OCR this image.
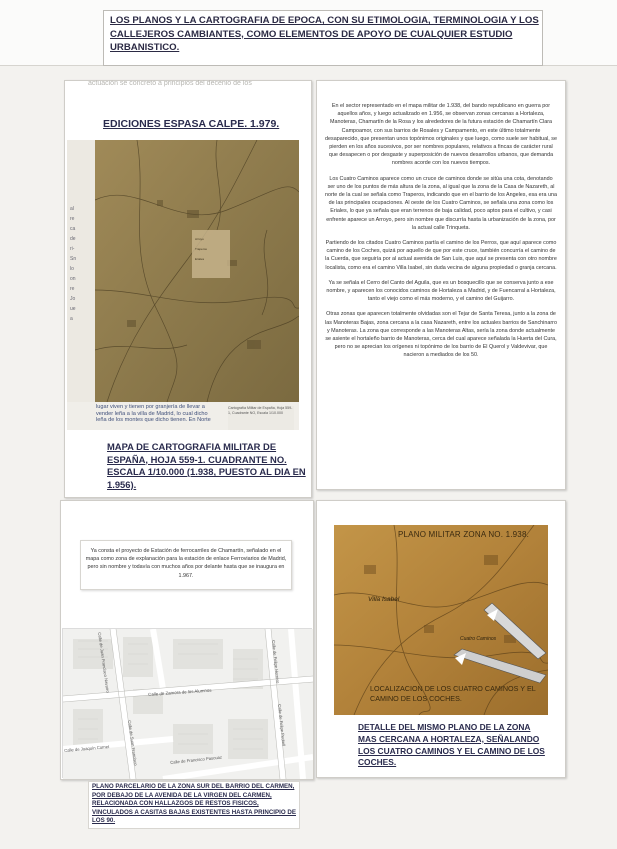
LOS PLANOS Y LA CARTOGRAFIA DE EPOCA, CON SU ETIMOLOGIA, TERMINOLOGIA Y LOS CALLEJEROS CAMBIANTES, COMO ELEMENTOS DE APOYO DE CUALQUIER ESTUDIO URBANISTICO.
actuación se concretó a principios del decenio de los
EDICIONES ESPASA CALPE. 1.979.
Arroyo
Traperos
Eriales
al
re
ca
de
ri-
Sn
lo
on
re
Jo
ue
a
lugar viven y tienen por granjería de llevar a vender leña a la villa de Madrid, lo cual dicho leña de los montes que dicho tienen. En Norte
Cartografía Militar de España, Hoja 559-1, Cuadrante NO, Escala 1/10.000
MAPA DE CARTOGRAFIA MILITAR DE ESPAÑA, HOJA 559-1. CUADRANTE NO. ESCALA 1/10.000 (1.938, PUESTO AL DIA EN 1.956).

En el sector representado en el mapa militar de 1.938, del bando republicano en guerra por aquellos años, y luego actualizado en 1.956, se observan zonas cercanas a Hortaleza, Manoteras, Chamartín de la Rosa y los alrededores de la futura estación de Chamartín Clara Campoamor, con sus barrios de Rosales y Campamento, en este último totalmente desaparecido, que presentan unos topónimos originales y que luego, como suele ser habitual, se pierden en los años sucesivos, por ser nombres populares, relativos a fincas de carácter rural que desapecen o por desgaste y superposición de nuevos desarrollos urbanos, que demanda nombres acorde con los nuevos tiempos.

Los Cuatro Caminos aparece como un cruce de caminos donde se sitúa una cota, denotando ser uno de los puntos de más altura de la zona, al igual que la zona de la Casa de Nazareth, al norte de la cual se señala como Traperos, indicando que en el barrio de los Angeles, esa era una de las principales ocupaciones. Al oeste de los Cuatro Caminos, se señala una zona como los Eriales, lo que ya señala que eran terrenos de baja calidad, poco aptos para el cultivo, y casi enfrente aparece un Arroyo, pero sin nombre que discurría hasta la urbanización de la zona, por la actual calle Trinqueta.

Partiendo de los citados Cuatro Caminos partía el camino de los Perros, que aquí aparece como camino de los Coches, quizá por aquello de que por este cruce, también concurría el camino de la Cuerda, que seguiría por al actual avenida de San Luis, que aquí se presenta con otro nombre localista, como era el camino Villa Isabel, sin duda vecina de alguna propiedad o granja cercana.

Ya se señala el Cerro del Canto del Aguila, que es un bosquecillo que se conserva junto a ese nombre, y aparecen los conocidos caminos de Hortaleza a Madrid, y de Fuencarral a Hortaleza, tanto el viejo como el más moderno, y el camino del Guijarro.

Otras zonas que aparecen totalmente olvidadas son el Tejar de Santa Teresa, junto a la zona de las Manoteras Bajas, zona cercana a la casa Nazareth, entre los actuales barrios de Sanchinarro y Manoteras. La zona que corresponde a las Manoteras Altas, sería la zona donde actualmente se asiente el hortaleño barrio de Manoteras, cerca del cual aparece señalada la Huerta del Cura, pero no se aprecian los orígenes ni topónimo de los barrio de El Querol y Valdevivar, que nacieron a mediados de los 50.

Ya consta el proyecto de Estación de ferrocarriles de Chamartín, señalado en el mapa como zona de explanación para la estación de enlace Ferroviarios de Madrid, pero sin nombre y todavía con muchos años por delante hasta que se inaugura en 1.967.
Calle de Juan Francisco Navarro	Calle de Zamora de los Alumnos
Calle de Joaquín Cornet	Calle de Suan Francisco	Calle de Francisco Pascuaz
Calle de Felipe Pedrell
Calle de Felipe Herrero
PLANO PARCELARIO DE LA ZONA SUR DEL BARRIO DEL CARMEN, POR DEBAJO DE LA AVENIDA DE LA VIRGEN DEL CARMEN, RELACIONADA CON HALLAZGOS DE RESTOS FISICOS, VINCULADOS A CASITAS BAJAS EXISTENTES HASTA PRINCIPIO DE LOS 90.
PLANO MILITAR ZONA NO. 1.938.
Villa Isabel
Cuatro Caminos
LOCALIZACION DE LOS CUATRO CAMINOS Y EL CAMINO DE LOS COCHES.
DETALLE DEL MISMO PLANO DE LA ZONA MAS CERCANA A HORTALEZA, SEÑALANDO LOS CUATRO CAMINOS Y EL CAMINO DE LOS COCHES.
